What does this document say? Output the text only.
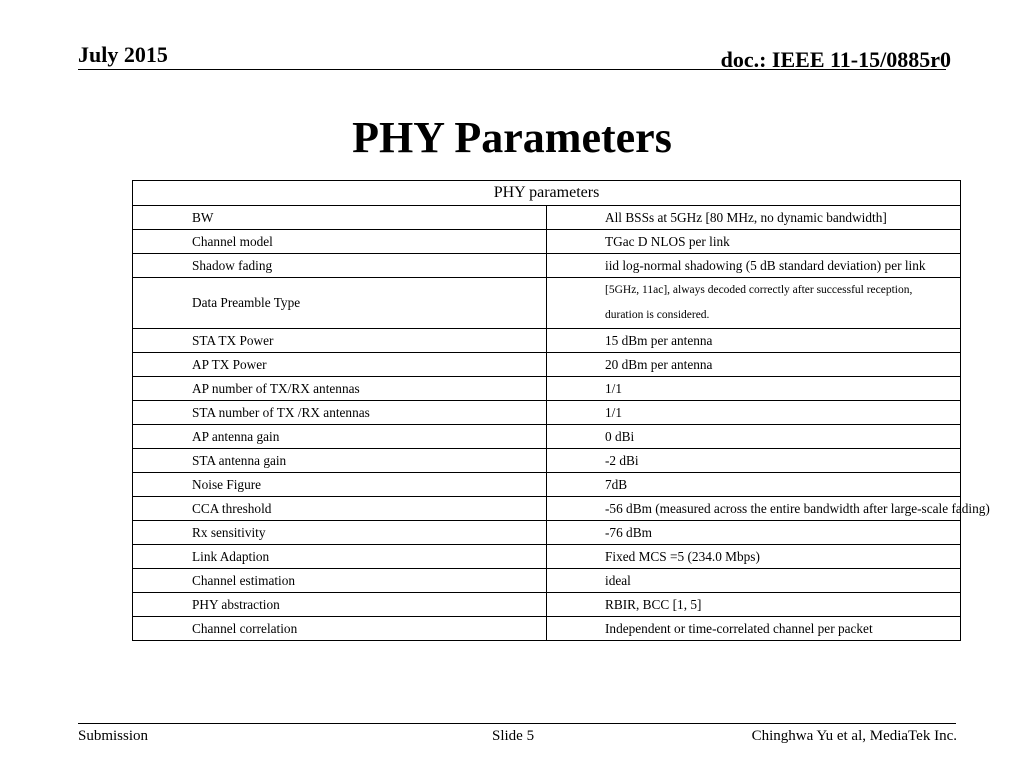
July 2015	doc.: IEEE 11-15/0885r0
PHY Parameters
PHY parameters	
BW	All BSSs at 5GHz [80 MHz, no dynamic bandwidth]
Channel model	TGac D NLOS per link
Shadow fading	iid log-normal shadowing (5 dB standard deviation) per link
Data Preamble Type	[5GHz, 11ac], always decoded correctly after successful reception, duration is considered.

STA TX Power	15 dBm per antenna
AP TX Power	20 dBm per antenna
AP number of TX/RX antennas	1/1
STA number of TX /RX antennas	1/1
AP antenna gain	0 dBi
STA antenna gain	-2 dBi
Noise Figure	7dB
CCA threshold	-56 dBm (measured across the entire bandwidth after large-scale fading)
Rx sensitivity	-76 dBm
Link Adaption	Fixed MCS =5 (234.0 Mbps)
Channel estimation	ideal
PHY abstraction	RBIR, BCC [1, 5]
Channel correlation	Independent or time-correlated channel per packet
Submission	Slide 5	Chinghwa Yu et al, MediaTek Inc.
